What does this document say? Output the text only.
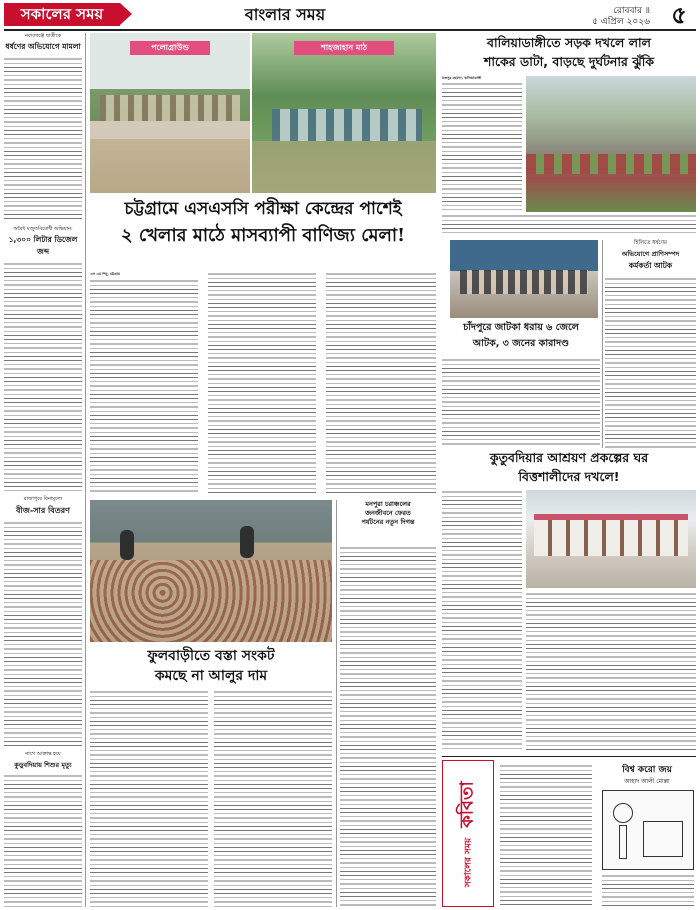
সকালের সময়	বাংলার সময়	রোববার ॥
৫ এপ্রিল ২০২৬ ৫
নবাবগঞ্জে ছাত্রীকে
ধর্ষণের অভিযোগে মামলা
অবৈধ মজুতবিরোধী অভিযান:
১,৩০০ লিটার ডিজেল জব্দ
রাজাপুরে বিনামূল্যে
বীজ-সার বিতরণ
নাগে আক্রান্ত হয়ে
কুড়ুবদিয়ায় শিশুর মৃত্যু
পলোগ্রাউন্ড	শাহজাহান মাঠ
চট্টগ্রামে এসএসসি পরীক্ষা কেন্দ্রের পাশেই
২ খেলার মাঠে মাসব্যাপী বাণিজ্য মেলা!
এস এম শিমু, চট্টগ্রাম
বালিয়াডাঙ্গীতে সড়ক দখলে লাল
শাকের ডাটা, বাড়ছে দুর্ঘটনার ঝুঁকি
মজনুর রহমান, বালিয়াডাঙ্গী
চাঁদপুরে জাটকা ধরায় ৬ জেলে
আটক, ৩ জনের কারাদণ্ড
হিলিতে ধর্ষণের
অভিযোগে প্রাণিসম্পদ
কর্মকর্তা আটক
কুতুবদিয়ার আশ্রয়ণ প্রকল্পের ঘর
বিত্তশালীদের দখলে!
ফুলবাড়ীতে বস্তা সংকট
কমছে না আলুর দাম
মনপুরা চরাঞ্চলের
জনজীবনে ফেরত
পর্যটনের নতুন দিগন্ত
সকালের সময়
কবিতা
বিশ্ব করো জয়
আহাদ আলী মোল্লা
